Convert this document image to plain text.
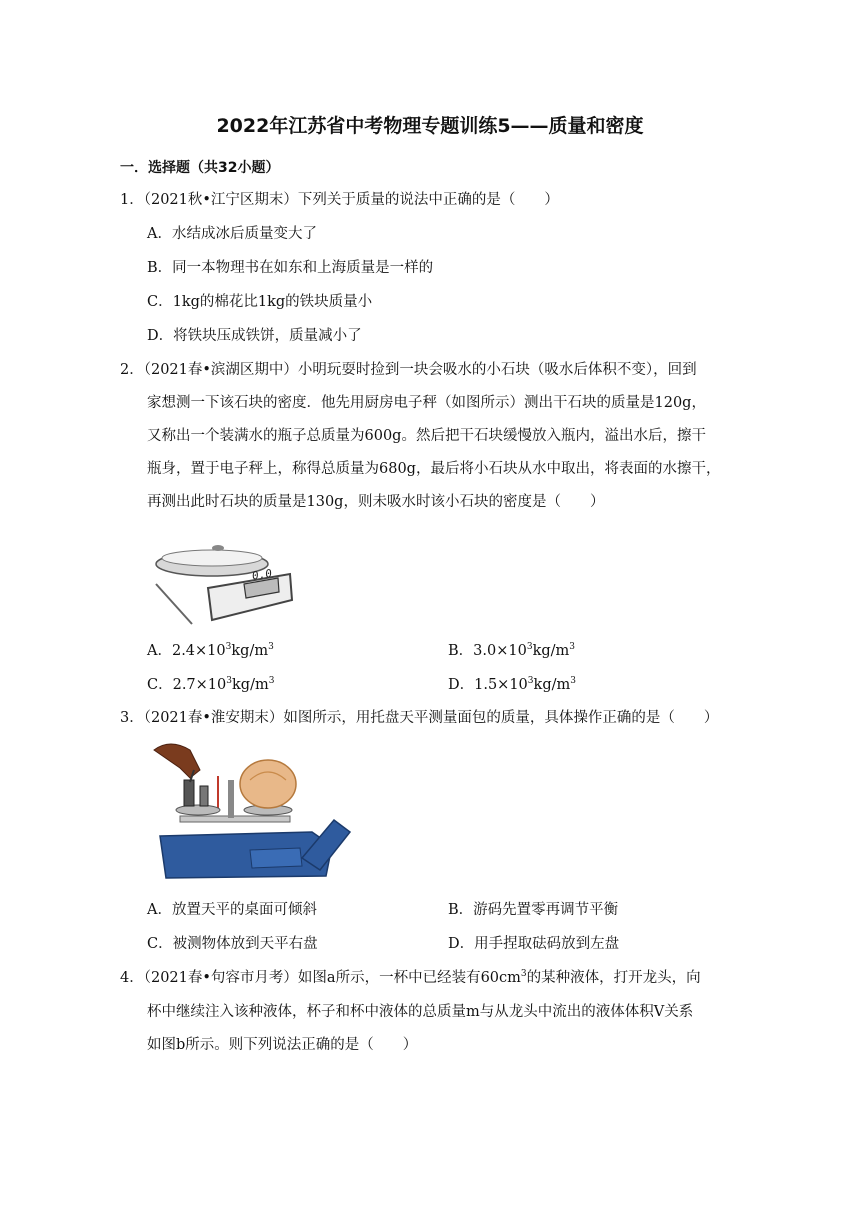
2022年江苏省中考物理专题训练5——质量和密度
一．选择题（共32小题）
1．（2021秋•江宁区期末）下列关于质量的说法中正确的是（　　）
A．水结成冰后质量变大了
B．同一本物理书在如东和上海质量是一样的
C．1kg的棉花比1kg的铁块质量小
D．将铁块压成铁饼，质量减小了
2．（2021春•滨湖区期中）小明玩耍时捡到一块会吸水的小石块（吸水后体积不变），回到
家想测一下该石块的密度．他先用厨房电子秤（如图所示）测出干石块的质量是120g，
又称出一个装满水的瓶子总质量为600g。然后把干石块缓慢放入瓶内，溢出水后，擦干
瓶身，置于电子秤上，称得总质量为680g，最后将小石块从水中取出，将表面的水擦干，
再测出此时石块的质量是130g，则未吸水时该小石块的密度是（　　）
0.0
A．$2.4\times 10^3kg/m^3$	B．$3.0\times 10^3kg/m^3$
C．$2.7\times 10^3kg/m^3$	D．$1.5\times 10^3kg/m^3$
3．（2021春•淮安期末）如图所示，用托盘天平测量面包的质量，具体操作正确的是（　　）
A．放置天平的桌面可倾斜	B．游码先置零再调节平衡
C．被测物体放到天平右盘	D．用手捏取砝码放到左盘
4．（2021春•句容市月考）如图a所示，一杯中已经装有$60cm^3$的某种液体，打开龙头，向
杯中继续注入该种液体，杯子和杯中液体的总质量m与从龙头中流出的液体体积V关系
如图b所示。则下列说法正确的是（　　）
